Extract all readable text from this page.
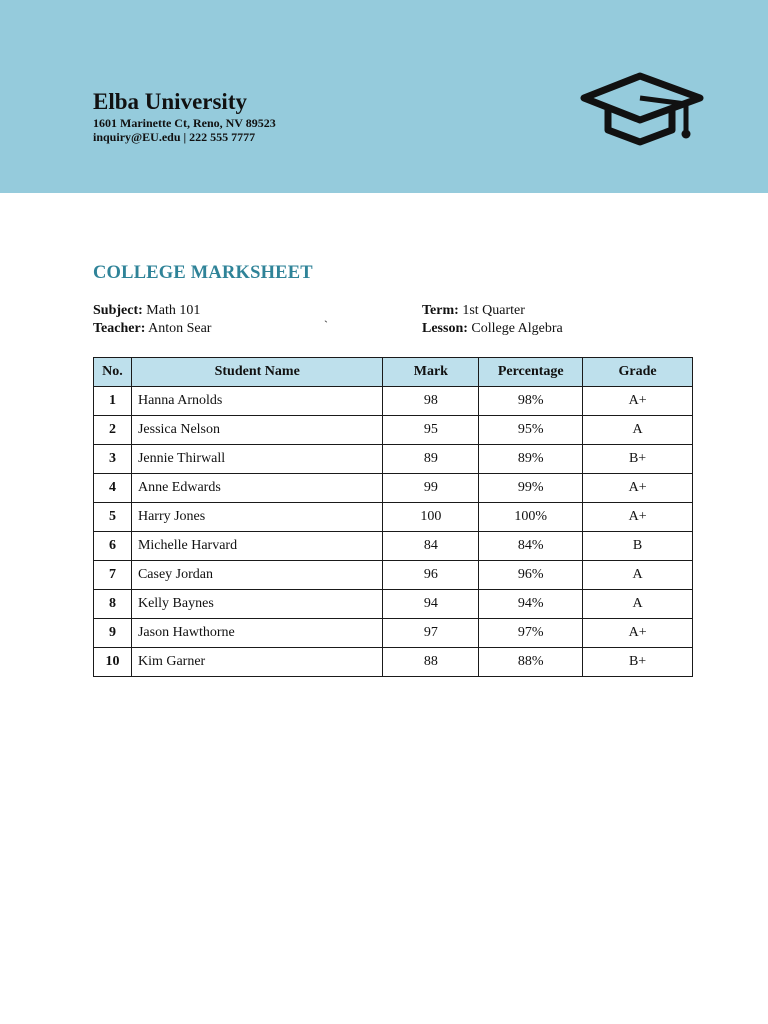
Elba University
1601 Marinette Ct, Reno, NV 89523
inquiry@EU.edu | 222 555 7777
COLLEGE MARKSHEET
Subject: Math 101
Teacher: Anton Sear	`
Term: 1st Quarter
Lesson: College Algebra
No.	Student Name	Mark	Percentage	Grade
1	Hanna Arnolds	98	98%	A+
2	Jessica Nelson	95	95%	A
3	Jennie Thirwall	89	89%	B+
4	Anne Edwards	99	99%	A+
5	Harry Jones	100	100%	A+
6	Michelle Harvard	84	84%	B
7	Casey Jordan	96	96%	A
8	Kelly Baynes	94	94%	A
9	Jason Hawthorne	97	97%	A+
10	Kim Garner	88	88%	B+
